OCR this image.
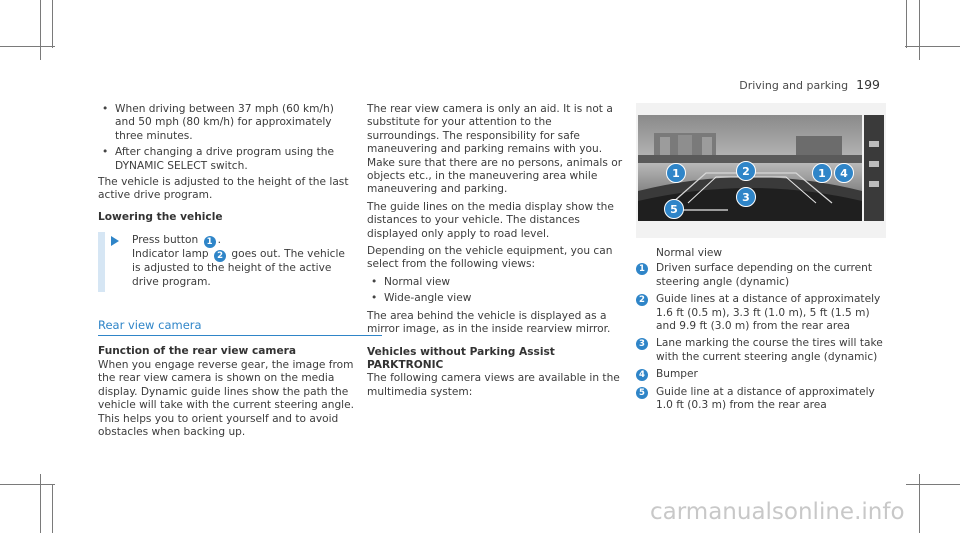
Driving and parking 199
• When driving between 37 mph (60 km/h) and 50 mph (80 km/h) for approximately three minutes.
• After changing a drive program using the DYNAMIC SELECT switch.

The vehicle is adjusted to the height of the last active drive program.

Lowering the vehicle
Press button 1 .
Indicator lamp 2 goes out. The vehicle is adjusted to the height of the active drive program.
Rear view camera
Function of the rear view camera

When you engage reverse gear, the image from the rear view camera is shown on the media display. Dynamic guide lines show the path the vehicle will take with the current steering angle. This helps you to orient yourself and to avoid obstacles when backing up.

The rear view camera is only an aid. It is not a substitute for your attention to the surroundings. The responsibility for safe maneuvering and parking remains with you. Make sure that there are no persons, animals or objects etc., in the maneuvering area while maneuvering and parking.

The guide lines on the media display show the distances to your vehicle. The distances displayed only apply to road level.

Depending on the vehicle equipment, you can select from the following views:

• Normal view
• Wide-angle view

The area behind the vehicle is displayed as a mirror image, as in the inside rearview mirror.

Vehicles without Parking Assist PARKTRONIC

The following camera views are available in the multimedia system:

1	2	1	4
3
5

Normal view

1 Driven surface depending on the current steering angle (dynamic)
2 Guide lines at a distance of approximately 1.6 ft (0.5 m), 3.3 ft (1.0 m), 5 ft (1.5 m) and 9.9 ft (3.0 m) from the rear area
3 Lane marking the course the tires will take with the current steering angle (dynamic)
4 Bumper
5 Guide line at a distance of approximately 1.0 ft (0.3 m) from the rear area
carmanualsonline.info
